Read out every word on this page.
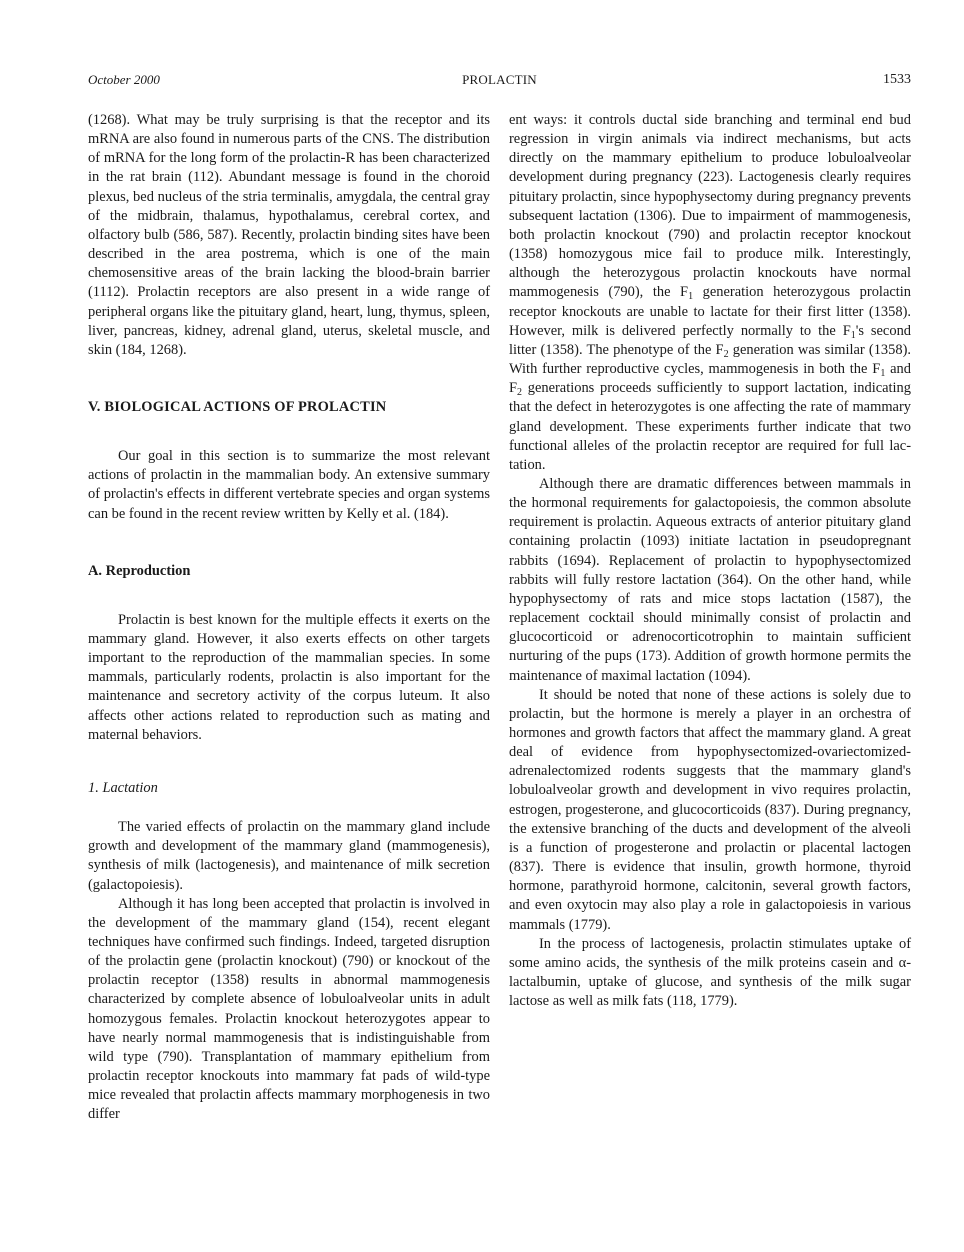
October 2000	PROLACTIN	1533

(1268). What may be truly surprising is that the receptor and its mRNA are also found in numerous parts of the CNS. The distribution of mRNA for the long form of the prolactin-R has been characterized in the rat brain (112). Abundant message is found in the choroid plexus, bed nucleus of the stria terminalis, amygdala, the central gray of the midbrain, thalamus, hypothalamus, cerebral cortex, and olfactory bulb (586, 587). Recently, prolactin binding sites have been described in the area postrema, which is one of the main chemosensitive areas of the brain lacking the blood-brain barrier (1112). Prolactin receptors are also present in a wide range of peripheral organs like the pituitary gland, heart, lung, thymus, spleen, liver, pancreas, kidney, adrenal gland, uterus, skeletal muscle, and skin (184, 1268).

V. BIOLOGICAL ACTIONS OF PROLACTIN

Our goal in this section is to summarize the most relevant actions of prolactin in the mammalian body. An extensive summary of prolactin's effects in different vertebrate species and organ systems can be found in the recent review written by Kelly et al. (184).

A. Reproduction

Prolactin is best known for the multiple effects it exerts on the mammary gland. However, it also exerts effects on other targets important to the reproduction of the mammalian species. In some mammals, particularly rodents, prolactin is also important for the maintenance and secretory activity of the corpus luteum. It also affects other actions related to reproduction such as mating and maternal behaviors.

1. Lactation

The varied effects of prolactin on the mammary gland include growth and development of the mammary gland (mammogenesis), synthesis of milk (lactogenesis), and maintenance of milk secretion (galactopoiesis).

Although it has long been accepted that prolactin is involved in the development of the mammary gland (154), recent elegant techniques have confirmed such findings. Indeed, targeted disruption of the prolactin gene (prolactin knockout) (790) or knockout of the prolactin receptor (1358) results in abnormal mammogenesis characterized by complete absence of lobuloalveolar units in adult homozygous females. Prolactin knockout heterozygotes appear to have nearly normal mammogenesis that is indistinguishable from wild type (790). Transplantation of mammary epithelium from prolactin receptor knockouts into mammary fat pads of wild-type mice revealed that prolactin affects mammary morphogenesis in two differ

ent ways: it controls ductal side branching and terminal end bud regression in virgin animals via indirect mechanisms, but acts directly on the mammary epithelium to produce lobuloalveolar development during pregnancy (223). Lactogenesis clearly requires pituitary prolactin, since hypophysectomy during pregnancy prevents subsequent lactation (1306). Due to impairment of mammogenesis, both prolactin knockout (790) and prolactin receptor knockout (1358) homozygous mice fail to produce milk. Interestingly, although the heterozygous prolactin knockouts have normal mammogenesis (790), the $F_1$ generation heterozygous prolactin receptor knockouts are unable to lactate for their first litter (1358). However, milk is delivered perfectly normally to the $F_1's$ second litter (1358). The phenotype of the $F_2$ generation was similar (1358). With further reproductive cycles, mammogenesis in both the $F_1$ and $F_2$ generations proceeds sufficiently to support lactation, indicating that the defect in heterozygotes is one affecting the rate of mammary gland development. These experiments further indicate that two functional alleles of the prolactin receptor are required for full lactation.

Although there are dramatic differences between mammals in the hormonal requirements for galactopoiesis, the common absolute requirement is prolactin. Aqueous extracts of anterior pituitary gland containing prolactin (1093) initiate lactation in pseudopregnant rabbits (1694). Replacement of prolactin to hypophysectomized rabbits will fully restore lactation (364). On the other hand, while hypophysectomy of rats and mice stops lactation (1587), the replacement cocktail should minimally consist of prolactin and glucocorticoid or adrenocorticotrophin to maintain sufficient nurturing of the pups (173). Addition of growth hormone permits the maintenance of maximal lactation (1094).

It should be noted that none of these actions is solely due to prolactin, but the hormone is merely a player in an orchestra of hormones and growth factors that affect the mammary gland. A great deal of evidence from hypophysectomized-ovariectomized-adrenalectomized rodents suggests that the mammary gland's lobuloalveolar growth and development in vivo requires prolactin, estrogen, progesterone, and glucocorticoids (837). During pregnancy, the extensive branching of the ducts and development of the alveoli is a function of progesterone and prolactin or placental lactogen (837). There is evidence that insulin, growth hormone, thyroid hormone, parathyroid hormone, calcitonin, several growth factors, and even oxytocin may also play a role in galactopoiesis in various mammals (1779).

In the process of lactogenesis, prolactin stimulates uptake of some amino acids, the synthesis of the milk proteins casein and α-lactalbumin, uptake of glucose, and synthesis of the milk sugar lactose as well as milk fats (118, 1779).
